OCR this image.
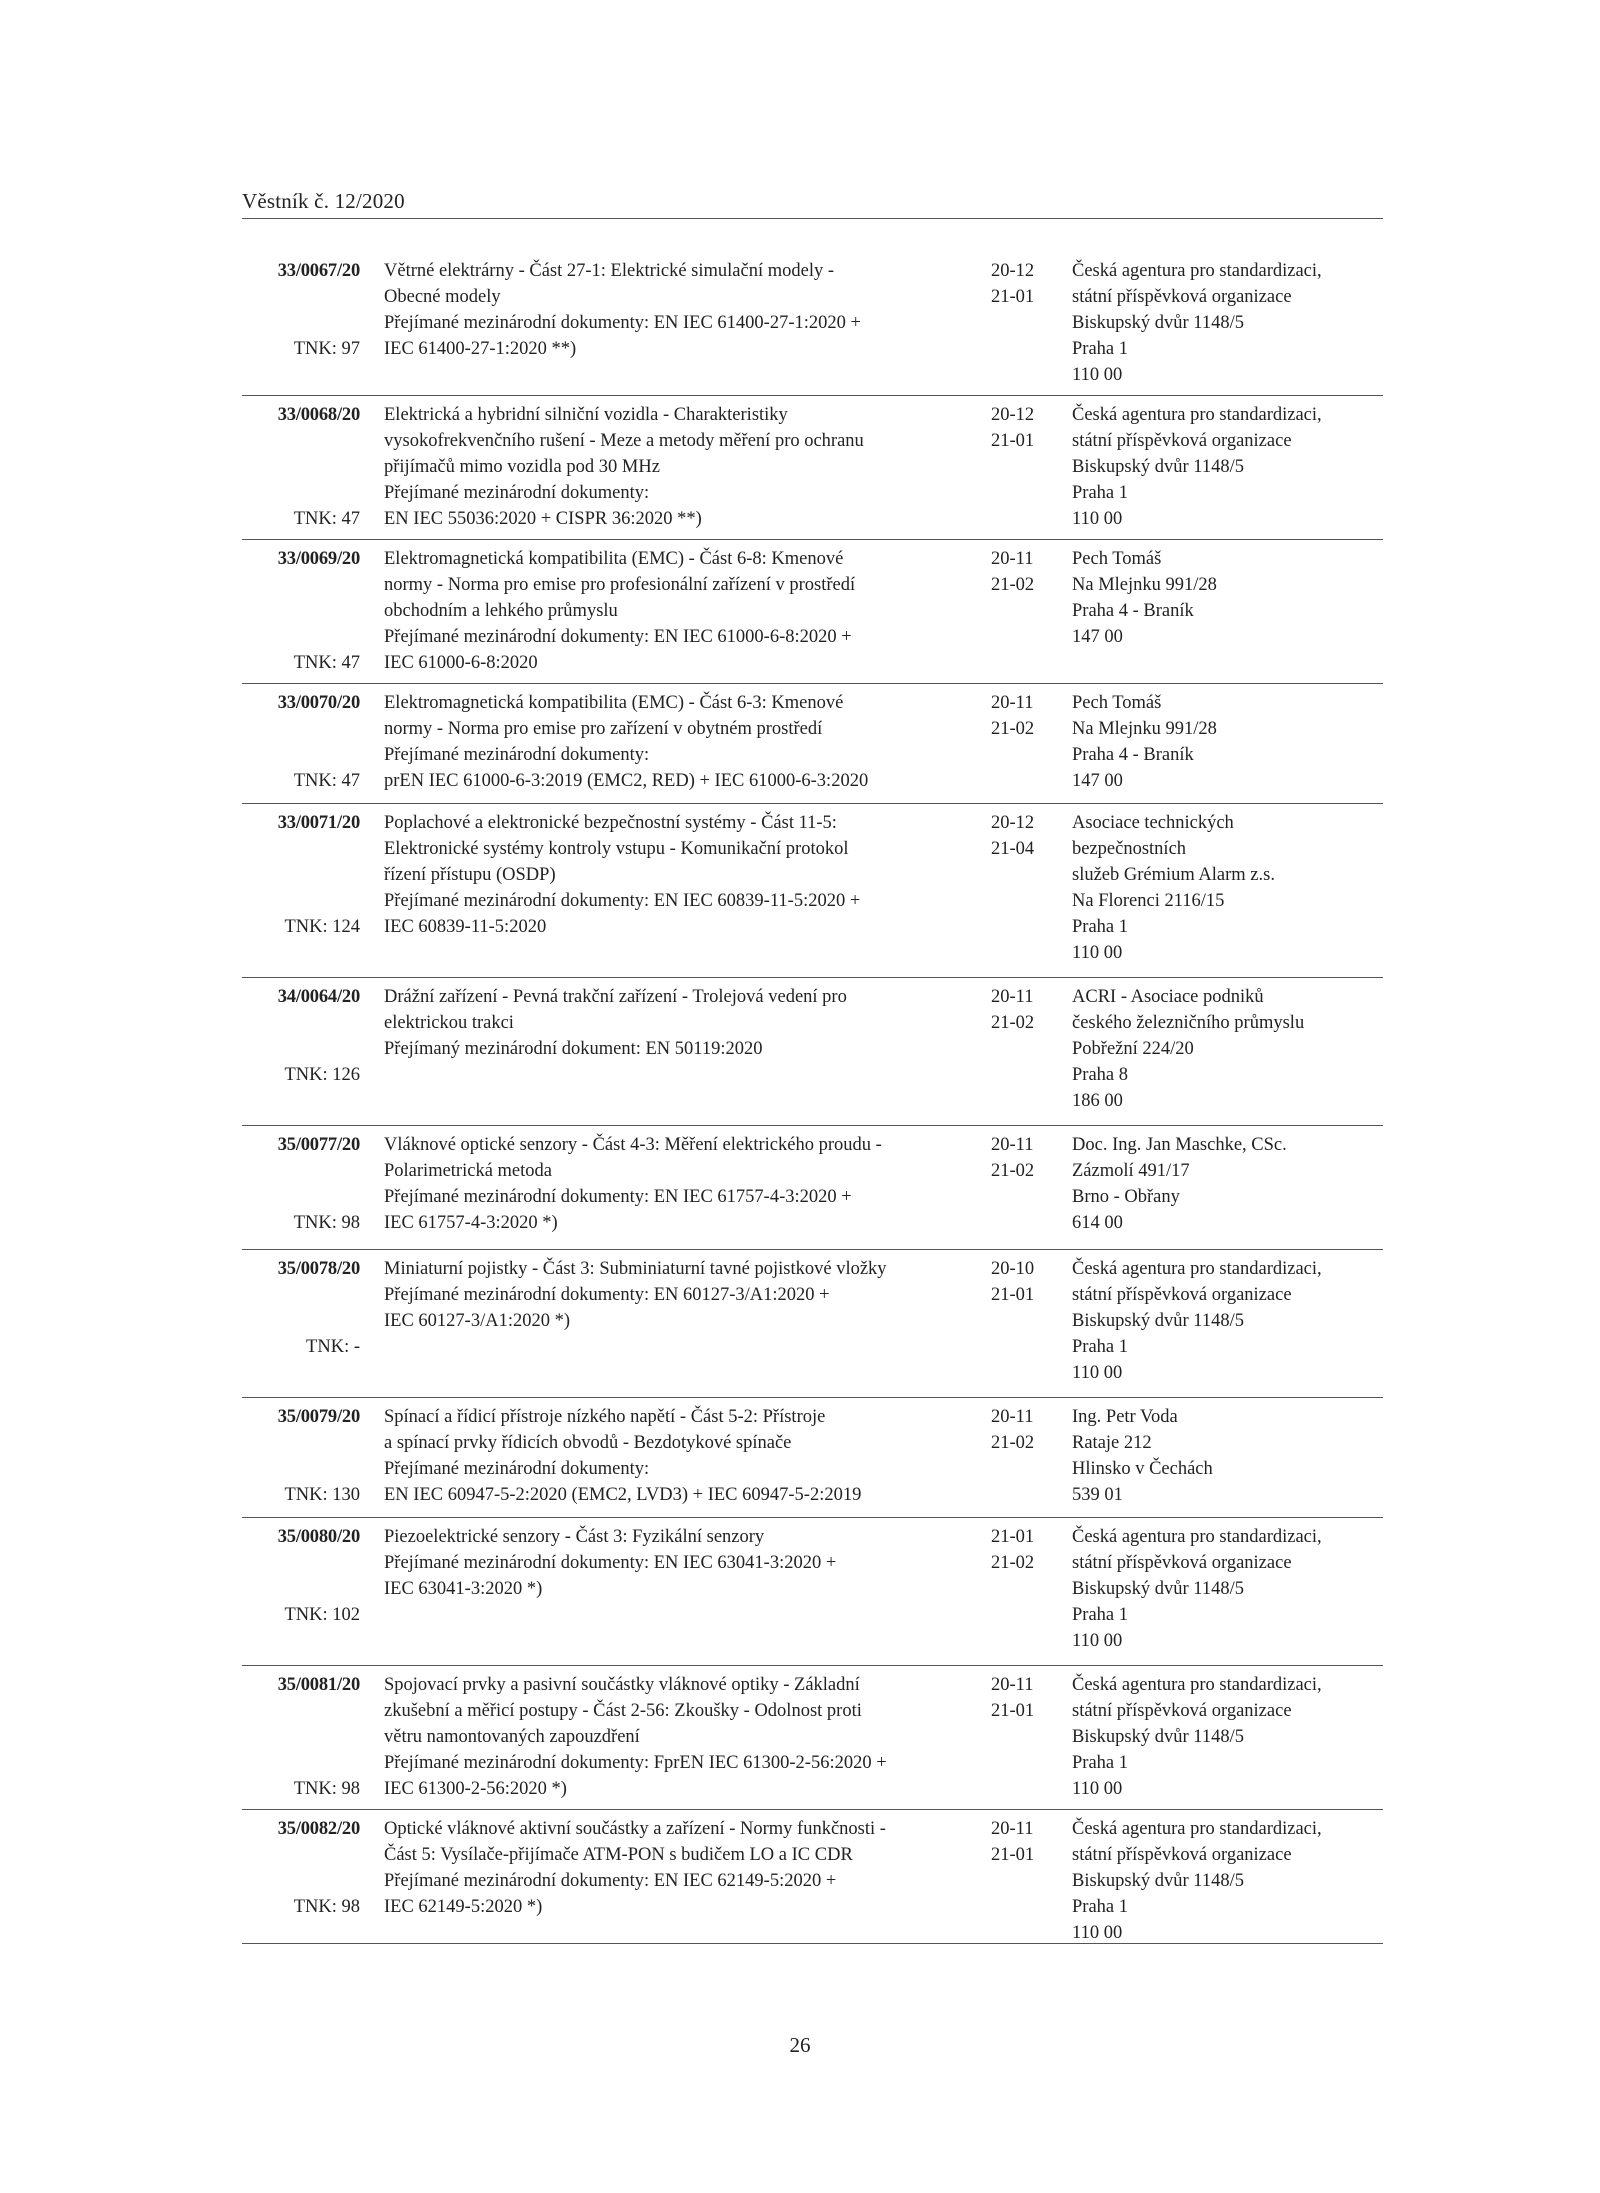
Věstník č. 12/2020
33/0067/20
TNK: 97
Větrné elektrárny - Část 27-1: Elektrické simulační modely -
Obecné modely
Přejímané mezinárodní dokumenty: EN IEC 61400-27-1:2020 +
IEC 61400-27-1:2020 **)
20-12
21-01
Česká agentura pro standardizaci,
státní příspěvková organizace
Biskupský dvůr 1148/5
Praha 1
110 00
33/0068/20
TNK: 47
Elektrická a hybridní silniční vozidla - Charakteristiky
vysokofrekvenčního rušení - Meze a metody měření pro ochranu
přijímačů mimo vozidla pod 30 MHz
Přejímané mezinárodní dokumenty:
EN IEC 55036:2020 + CISPR 36:2020 **)
20-12
21-01
Česká agentura pro standardizaci,
státní příspěvková organizace
Biskupský dvůr 1148/5
Praha 1
110 00
33/0069/20
TNK: 47
Elektromagnetická kompatibilita (EMC) - Část 6-8: Kmenové
normy - Norma pro emise pro profesionální zařízení v prostředí
obchodním a lehkého průmyslu
Přejímané mezinárodní dokumenty: EN IEC 61000-6-8:2020 +
IEC 61000-6-8:2020
20-11
21-02
Pech Tomáš
Na Mlejnku 991/28
Praha 4 - Braník
147 00
33/0070/20
TNK: 47
Elektromagnetická kompatibilita (EMC) - Část 6-3: Kmenové
normy - Norma pro emise pro zařízení v obytném prostředí
Přejímané mezinárodní dokumenty:
prEN IEC 61000-6-3:2019 (EMC2, RED) + IEC 61000-6-3:2020
20-11
21-02
Pech Tomáš
Na Mlejnku 991/28
Praha 4 - Braník
147 00
33/0071/20
TNK: 124
Poplachové a elektronické bezpečnostní systémy - Část 11-5:
Elektronické systémy kontroly vstupu - Komunikační protokol
řízení přístupu (OSDP)
Přejímané mezinárodní dokumenty: EN IEC 60839-11-5:2020 +
IEC 60839-11-5:2020
20-12
21-04
Asociace technických
bezpečnostních
služeb Grémium Alarm z.s.
Na Florenci 2116/15
Praha 1
110 00
34/0064/20
TNK: 126
Drážní zařízení - Pevná trakční zařízení - Trolejová vedení pro
elektrickou trakci
Přejímaný mezinárodní dokument: EN 50119:2020
20-11
21-02
ACRI - Asociace podniků
českého železničního průmyslu
Pobřežní 224/20
Praha 8
186 00
35/0077/20
TNK: 98
Vláknové optické senzory - Část 4-3: Měření elektrického proudu -
Polarimetrická metoda
Přejímané mezinárodní dokumenty: EN IEC 61757-4-3:2020 +
IEC 61757-4-3:2020 *)
20-11
21-02
Doc. Ing. Jan Maschke, CSc.
Zázmolí 491/17
Brno - Obřany
614 00
35/0078/20
TNK: -
Miniaturní pojistky - Část 3: Subminiaturní tavné pojistkové vložky
Přejímané mezinárodní dokumenty: EN 60127-3/A1:2020 +
IEC 60127-3/A1:2020 *)
20-10
21-01
Česká agentura pro standardizaci,
státní příspěvková organizace
Biskupský dvůr 1148/5
Praha 1
110 00
35/0079/20
TNK: 130
Spínací a řídicí přístroje nízkého napětí - Část 5-2: Přístroje
a spínací prvky řídicích obvodů - Bezdotykové spínače
Přejímané mezinárodní dokumenty:
EN IEC 60947-5-2:2020 (EMC2, LVD3) + IEC 60947-5-2:2019
20-11
21-02
Ing. Petr Voda
Rataje 212
Hlinsko v Čechách
539 01
35/0080/20
TNK: 102
Piezoelektrické senzory - Část 3: Fyzikální senzory
Přejímané mezinárodní dokumenty: EN IEC 63041-3:2020 +
IEC 63041-3:2020 *)
21-01
21-02
Česká agentura pro standardizaci,
státní příspěvková organizace
Biskupský dvůr 1148/5
Praha 1
110 00
35/0081/20
TNK: 98
Spojovací prvky a pasivní součástky vláknové optiky - Základní
zkušební a měřicí postupy - Část 2-56: Zkoušky - Odolnost proti
větru namontovaných zapouzdření
Přejímané mezinárodní dokumenty: FprEN IEC 61300-2-56:2020 +
IEC 61300-2-56:2020 *)
20-11
21-01
Česká agentura pro standardizaci,
státní příspěvková organizace
Biskupský dvůr 1148/5
Praha 1
110 00
35/0082/20
TNK: 98
Optické vláknové aktivní součástky a zařízení - Normy funkčnosti -
Část 5: Vysílače-přijímače ATM-PON s budičem LO a IC CDR
Přejímané mezinárodní dokumenty: EN IEC 62149-5:2020 +
IEC 62149-5:2020 *)
20-11
21-01
Česká agentura pro standardizaci,
státní příspěvková organizace
Biskupský dvůr 1148/5
Praha 1
110 00
26
